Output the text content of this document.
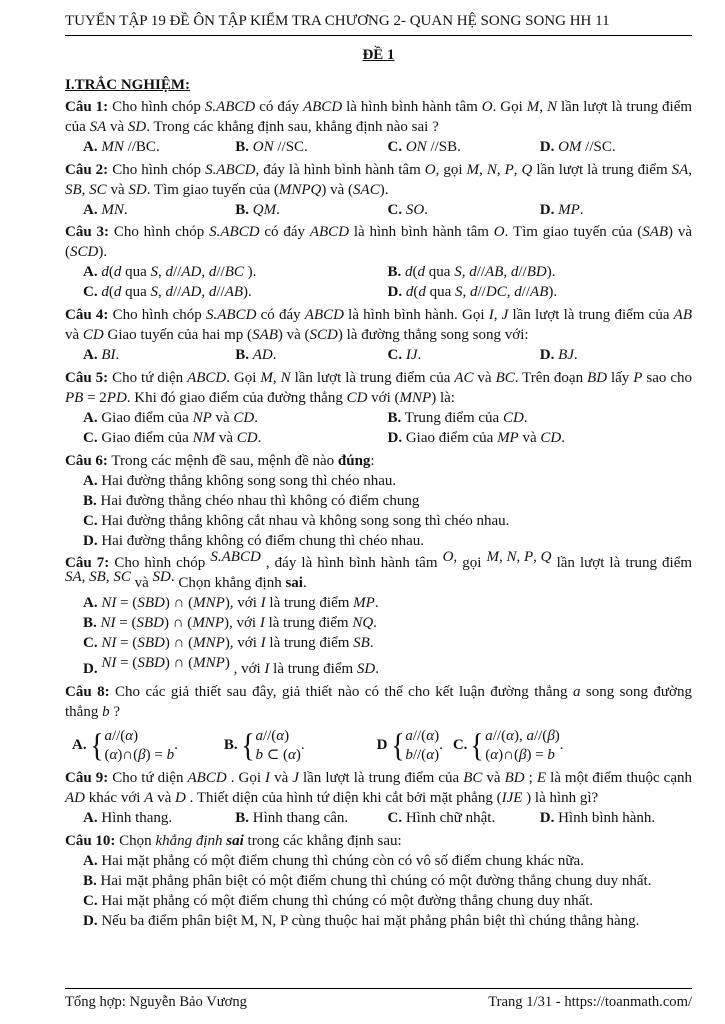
TUYỂN TẬP 19 ĐỀ ÔN TẬP KIỂM TRA CHƯƠNG 2- QUAN HỆ SONG SONG HH 11
ĐỀ 1
I.TRẮC NGHIỆM:

Câu 1: Cho hình chóp S.ABCD có đáy ABCD là hình bình hành tâm O. Gọi M, N lần lượt là trung điểm của SA và SD. Trong các khẳng định sau, khẳng định nào sai ?

A. MN //BC.	B. ON //SC.	C. ON //SB.	D. OM //SC.

Câu 2: Cho hình chóp S.ABCD, đáy là hình bình hành tâm O, gọi M, N, P, Q lần lượt là trung điểm SA, SB, SC và SD. Tìm giao tuyến của (MNPQ) và (SAC).

A. MN.	B. QM.	C. SO.	D. MP.

Câu 3: Cho hình chóp S.ABCD có đáy ABCD là hình bình hành tâm O. Tìm giao tuyến của (SAB) và (SCD).

A. d(d qua S, d//AD, d//BC ).	B. d(d qua S, d//AB, d//BD).
C. d(d qua S, d//AD, d//AB).	D. d(d qua S, d//DC, d//AB).

Câu 4: Cho hình chóp S.ABCD có đáy ABCD là hình bình hành. Gọi I, J lần lượt là trung điểm của AB và CD Giao tuyến của hai mp (SAB) và (SCD) là đường thẳng song song với:

A. BI.	B. AD.	C. IJ.	D. BJ.

Câu 5: Cho tứ diện ABCD. Gọi M, N lần lượt là trung điểm của AC và BC. Trên đoạn BD lấy P sao cho PB = 2PD. Khi đó giao điểm của đường thẳng CD với (MNP) là:

A. Giao điểm của NP và CD.	B. Trung điểm của CD.
C. Giao điểm của NM và CD.	D. Giao điểm của MP và CD.

Câu 6: Trong các mệnh đề sau, mệnh đề nào đúng:

A. Hai đường thẳng không song song thì chéo nhau.
B. Hai đường thẳng chéo nhau thì không có điểm chung
C. Hai đường thẳng không cắt nhau và không song song thì chéo nhau.
D. Hai đường thẳng không có điểm chung thì chéo nhau.

Câu 7: Cho hình chóp S.ABCD , đáy là hình bình hành tâm O, gọi M, N, P, Q lần lượt là trung điểm SA, SB, SC và SD. Chọn khẳng định sai.

A. NI = (SBD) ∩ (MNP), với I là trung điểm MP.
B. NI = (SBD) ∩ (MNP), với I là trung điểm NQ.
C. NI = (SBD) ∩ (MNP), với I là trung điểm SB.
D. NI = (SBD) ∩ (MNP) , với I là trung điểm SD.

Câu 8: Cho các giả thiết sau đây, giả thiết nào có thể cho kết luận đường thẳng a song song đường thẳng b ?

A. { a//(α)
(α)∩(β) = b
.	B. { a//(α)
b ⊂ (α)
.	D { a//(α)
b//(α)
. C. { a//(α), a//(β)
(α)∩(β) = b
.

Câu 9: Cho tứ diện ABCD . Gọi I và J lần lượt là trung điểm của BC và BD ; E là một điểm thuộc cạnh AD khác với A và D . Thiết diện của hình tứ diện khi cắt bởi mặt phẳng (IJE ) là hình gì?

A. Hình thang.	B. Hình thang cân.	C. Hình chữ nhật.	D. Hình bình hành.

Câu 10: Chọn khẳng định sai trong các khẳng định sau:

A. Hai mặt phẳng có một điểm chung thì chúng còn có vô số điểm chung khác nữa.
B. Hai mặt phẳng phân biệt có một điểm chung thì chúng có một đường thẳng chung duy nhất.
C. Hai mặt phẳng có một điểm chung thì chúng có một đường thẳng chung duy nhất.
D. Nếu ba điểm phân biệt M, N, P cùng thuộc hai mặt phẳng phân biệt thì chúng thẳng hàng.
Tổng hợp: Nguyễn Bảo Vương	Trang 1/31 - https://toanmath.com/
